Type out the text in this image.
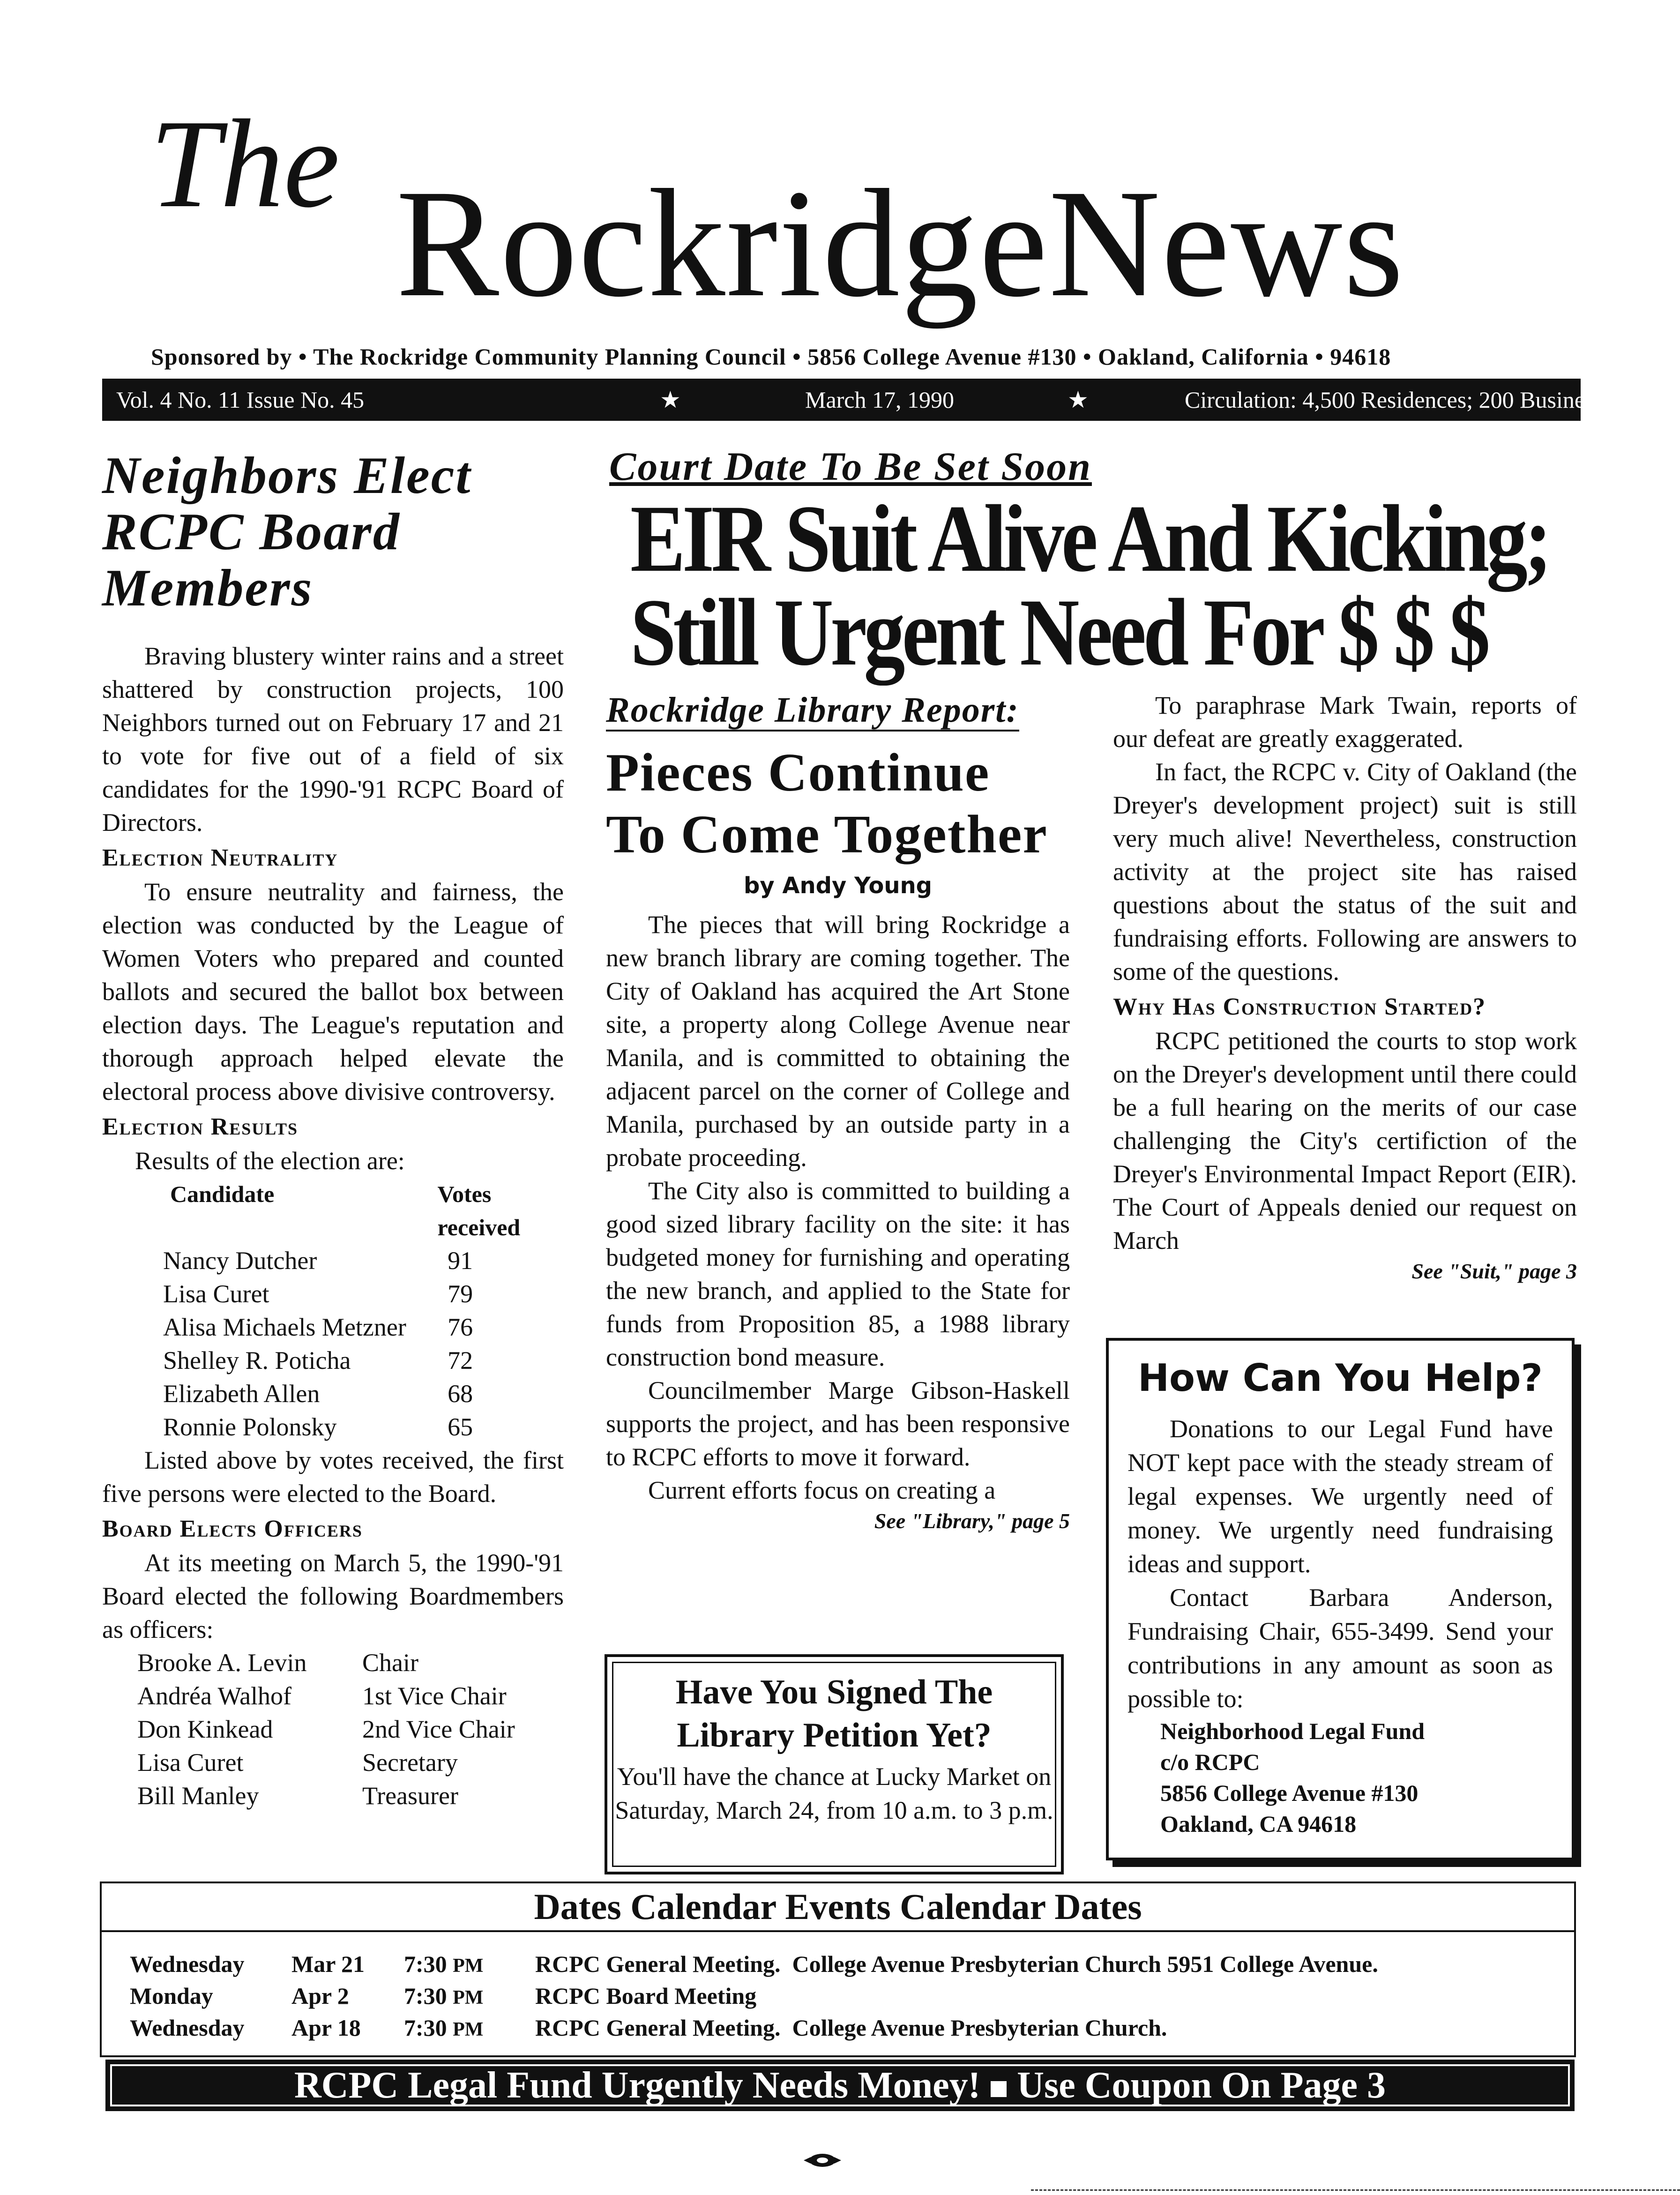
The RockridgeNews
Sponsored by • The Rockridge Community Planning Council • 5856 College Avenue #130 • Oakland, California • 94618
Vol. 4 No. 11 Issue No. 45	★	March 17, 1990	★	Circulation: 4,500 Residences; 200 Businesses
Neighbors Elect RCPC Board Members

Braving blustery winter rains and a street shattered by construction projects, 100 Neighbors turned out on February 17 and 21 to vote for five out of a field of six candidates for the 1990-'91 RCPC Board of Directors.

Election Neutrality

To ensure neutrality and fairness, the election was conducted by the League of Women Voters who prepared and counted ballots and secured the ballot box between election days. The League's reputation and thorough approach helped elevate the electoral process above divisive controversy.

Election Results

Results of the election are:

Candidate	Votes received
Nancy Dutcher	91
Lisa Curet	79
Alisa Michaels Metzner	76
Shelley R. Poticha	72
Elizabeth Allen	68
Ronnie Polonsky	65

Listed above by votes received, the first five persons were elected to the Board.

Board Elects Officers

At its meeting on March 5, the 1990-'91 Board elected the following Boardmembers as officers:

Brooke A. Levin	Chair
Andréa Walhof	1st Vice Chair
Don Kinkead	2nd Vice Chair
Lisa Curet	Secretary
Bill Manley	Treasurer
Court Date To Be Set Soon
EIR Suit Alive And Kicking;
Still Urgent Need For $ $ $
Rockridge Library Report:
Pieces Continue
To Come Together
by Andy Young

The pieces that will bring Rockridge a new branch library are coming together. The City of Oakland has acquired the Art Stone site, a property along College Avenue near Manila, and is committed to obtaining the adjacent parcel on the corner of College and Manila, purchased by an outside party in a probate proceeding.

The City also is committed to building a good sized library facility on the site: it has budgeted money for furnishing and operating the new branch, and applied to the State for funds from Proposition 85, a 1988 library construction bond measure.

Councilmember Marge Gibson-Haskell supports the project, and has been responsive to RCPC efforts to move it forward.

Current efforts focus on creating a

See "Library," page 5
Have You Signed The Library Petition Yet?
You'll have the chance at Lucky Market on Saturday, March 24, from 10 a.m. to 3 p.m.

To paraphrase Mark Twain, reports of our defeat are greatly exaggerated.

In fact, the RCPC v. City of Oakland (the Dreyer's development project) suit is still very much alive! Nevertheless, construction activity at the project site has raised questions about the status of the suit and fundraising efforts. Following are answers to some of the questions.

Why Has Construction Started?

RCPC petitioned the courts to stop work on the Dreyer's development until there could be a full hearing on the merits of our case challenging the City's certifiction of the Dreyer's Environmental Impact Report (EIR). The Court of Appeals denied our request on March

See "Suit," page 3
How Can You Help?

Donations to our Legal Fund have NOT kept pace with the steady stream of legal expenses. We urgently need of money. We urgently need fundraising ideas and support.

Contact Barbara Anderson, Fundraising Chair, 655-3499. Send your contributions in any amount as soon as possible to:

Neighborhood Legal Fund
c/o RCPC
5856 College Avenue #130
Oakland, CA 94618
Dates Calendar Events Calendar Dates
Wednesday	Mar 21	7:30 PM	RCPC General Meeting. College Avenue Presbyterian Church 5951 College Avenue.
Monday	Apr 2	7:30 PM	RCPC Board Meeting
Wednesday	Apr 18	7:30 PM	RCPC General Meeting. College Avenue Presbyterian Church.
RCPC Legal Fund Urgently Needs Money! Use Coupon On Page 3
